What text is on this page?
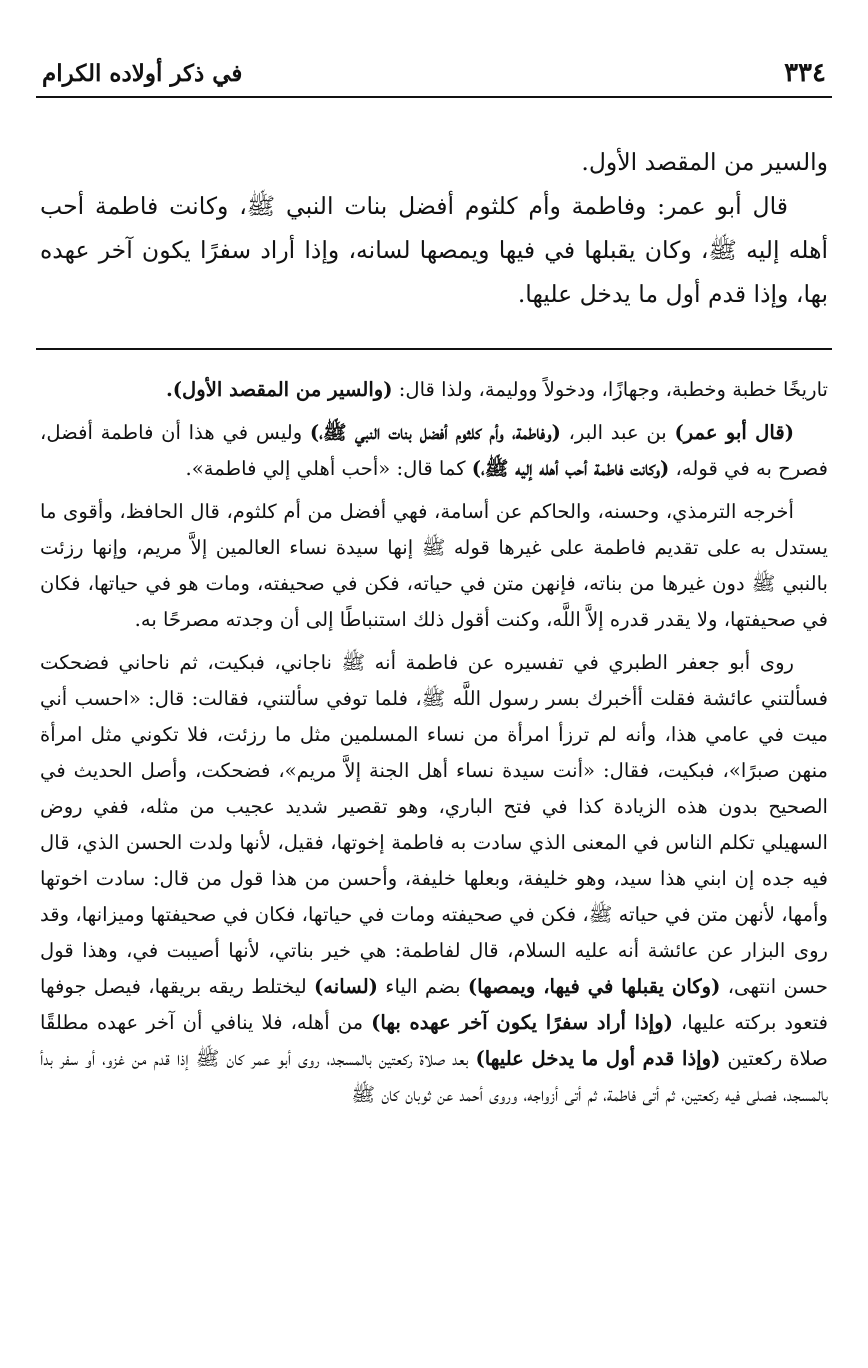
٣٣٤
في ذكر أولاده الكرام

والسير من المقصد الأول.

قال أبو عمر: وفاطمة وأم كلثوم أفضل بنات النبي ﷺ، وكانت فاطمة أحب أهله إليه ﷺ، وكان يقبلها في فيها ويمصها لسانه، وإذا أراد سفرًا يكون آخر عهده بها، وإذا قدم أول ما يدخل عليها.

تاريخًا خطبة وخطبة، وجهازًا، ودخولاً ووليمة، ولذا قال: (والسير من المقصد الأول).

(قال أبو عمر) بن عبد البر، (وفاطمة، وأم كلثوم أفضل بنات النبي ﷺ،) وليس في هذا أن فاطمة أفضل، فصرح به في قوله، (وكانت فاطمة أحب أهله إليه ﷺ،) كما قال: «أحب أهلي إلي فاطمة».

أخرجه الترمذي، وحسنه، والحاكم عن أسامة، فهي أفضل من أم كلثوم، قال الحافظ، وأقوى ما يستدل به على تقديم فاطمة على غيرها قوله ﷺ إنها سيدة نساء العالمين إلاَّ مريم، وإنها رزئت بالنبي ﷺ دون غيرها من بناته، فإنهن متن في حياته، فكن في صحيفته، ومات هو في حياتها، فكان في صحيفتها، ولا يقدر قدره إلاَّ اللَّه، وكنت أقول ذلك استنباطًا إلى أن وجدته مصرحًا به.

روى أبو جعفر الطبري في تفسيره عن فاطمة أنه ﷺ ناجاني، فبكيت، ثم ناحاني فضحكت فسألتني عائشة فقلت أأخبرك بسر رسول اللَّه ﷺ، فلما توفي سألتني، فقالت: قال: «احسب أني ميت في عامي هذا، وأنه لم ترزأ امرأة من نساء المسلمين مثل ما رزئت، فلا تكوني مثل امرأة منهن صبرًا»، فبكيت، فقال: «أنت سيدة نساء أهل الجنة إلاَّ مريم»، فضحكت، وأصل الحديث في الصحيح بدون هذه الزيادة كذا في فتح الباري، وهو تقصير شديد عجيب من مثله، ففي روض السهيلي تكلم الناس في المعنى الذي سادت به فاطمة إخوتها، فقيل، لأنها ولدت الحسن الذي، قال فيه جده إن ابني هذا سيد، وهو خليفة، وبعلها خليفة، وأحسن من هذا قول من قال: سادت اخوتها وأمها، لأنهن متن في حياته ﷺ، فكن في صحيفته ومات في حياتها، فكان في صحيفتها وميزانها، وقد روى البزار عن عائشة أنه عليه السلام، قال لفاطمة: هي خير بناتي، لأنها أصيبت في، وهذا قول حسن انتهى، (وكان يقبلها في فيها، ويمصها) بضم الياء (لسانه) ليختلط ريقه بريقها، فيصل جوفها فتعود بركته عليها، (وإذا أراد سفرًا يكون آخر عهده بها) من أهله، فلا ينافي أن آخر عهده مطلقًا صلاة ركعتين (وإذا قدم أول ما يدخل عليها) بعد صلاة ركعتين بالمسجد، روى أبو عمر كان ﷺ إذا قدم من غزو، أو سفر بدأ بالمسجد، فصلى فيه ركعتين، ثم أتى فاطمة، ثم أتى أزواجه، وروى أحمد عن ثوبان كان ﷺ
